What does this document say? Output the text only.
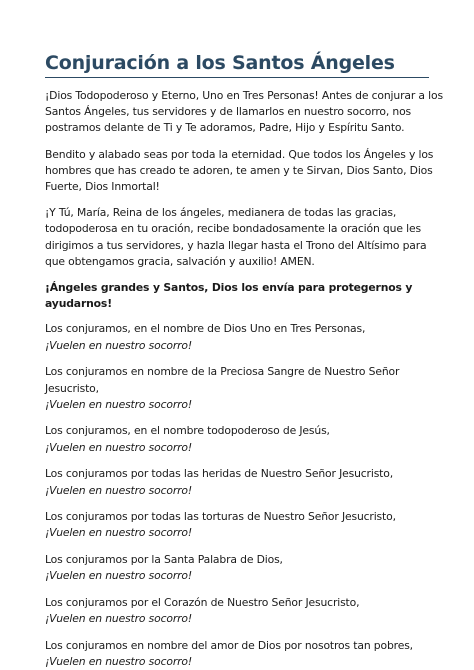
Conjuración a los Santos Ángeles

¡Dios Todopoderoso y Eterno, Uno en Tres Personas! Antes de conjurar a los Santos Ángeles, tus servidores y de llamarlos en nuestro socorro, nos postramos delante de Ti y Te adoramos, Padre, Hijo y Espíritu Santo.

Bendito y alabado seas por toda la eternidad. Que todos los Ángeles y los hombres que has creado te adoren, te amen y te Sirvan, Dios Santo, Dios Fuerte, Dios Inmortal!

¡Y Tú, María, Reina de los ángeles, medianera de todas las gracias, todopoderosa en tu oración, recibe bondadosamente la oración que les dirigimos a tus servidores, y hazla llegar hasta el Trono del Altísimo para que obtengamos gracia, salvación y auxilio! AMEN.

¡Ángeles grandes y Santos, Dios los envía para protegernos y ayudarnos!

Los conjuramos, en el nombre de Dios Uno en Tres Personas,
¡Vuelen en nuestro socorro!
Los conjuramos en nombre de la Preciosa Sangre de Nuestro Señor Jesucristo,
¡Vuelen en nuestro socorro!
Los conjuramos, en el nombre todopoderoso de Jesús,
¡Vuelen en nuestro socorro!
Los conjuramos por todas las heridas de Nuestro Señor Jesucristo,
¡Vuelen en nuestro socorro!
Los conjuramos por todas las torturas de Nuestro Señor Jesucristo,
¡Vuelen en nuestro socorro!
Los conjuramos por la Santa Palabra de Dios,
¡Vuelen en nuestro socorro!
Los conjuramos por el Corazón de Nuestro Señor Jesucristo,
¡Vuelen en nuestro socorro!
Los conjuramos en nombre del amor de Dios por nosotros tan pobres,
¡Vuelen en nuestro socorro!
